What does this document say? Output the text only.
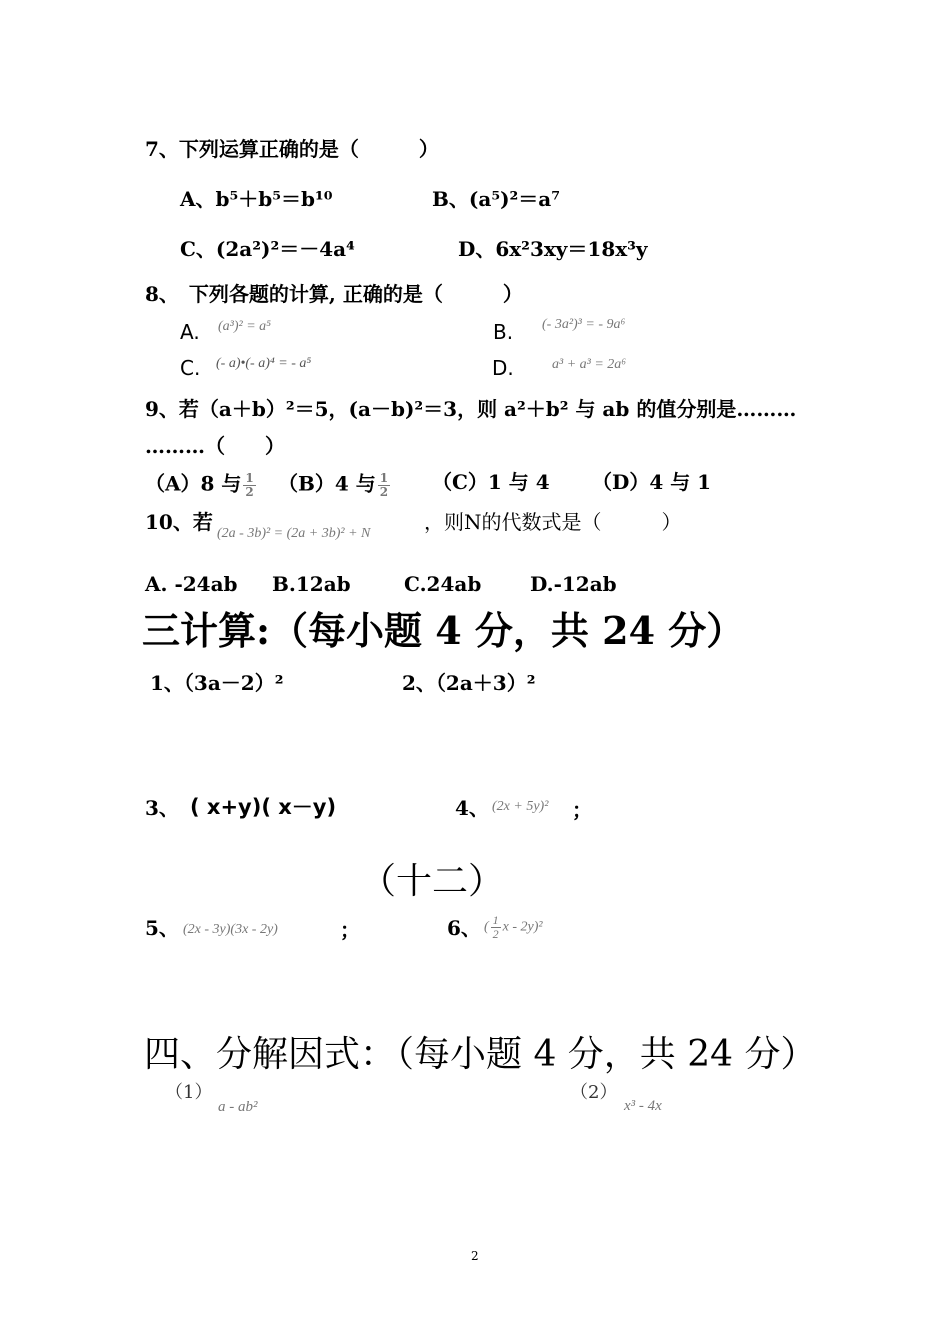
7、下列运算正确的是（　　　）
A、b⁵＋b⁵＝b¹⁰	B、(a⁵)²＝a⁷
C、(2a²)²＝－4a⁴	D、6x²3xy＝18x³y
8、　下列各题的计算, 正确的是（　　　）
A. (a³)² = a⁵	B. (- 3a²)³ = - 9a⁶
C. (- a)•(- a)⁴ = - a⁵	D.	a³ + a³ = 2a⁶
9、若（a＋b）²＝5，(a－b)²＝3，则 a²＋b² 与 ab 的值分别是………
………（　　）
（A）8 与 $\frac{1}{2} (B)4$ 与 $\frac{1}{2} (C)1$ 与 4 （D）4 与 1
10、若 (2a - 3b)² = (2a + 3b)² + N	，则N的代数式是（　　　）
A. -24ab B.12ab	C.24ab D.-12ab
三计算:（每小题 4 分，共 24 分）
1、（3a－2）²	2、（2a＋3）²
3、 ( x+y)( x－y)	4、 (2x + 5y)² ；
（十二）
5、 (2x - 3y)(3x - 2y)	；	6、 ( $\frac{1}{2}$ x - 2y)²
四、分解因式：（每小题 4 分，共 24 分）
（1）
a - ab²
（2）
x³ - 4x
2
